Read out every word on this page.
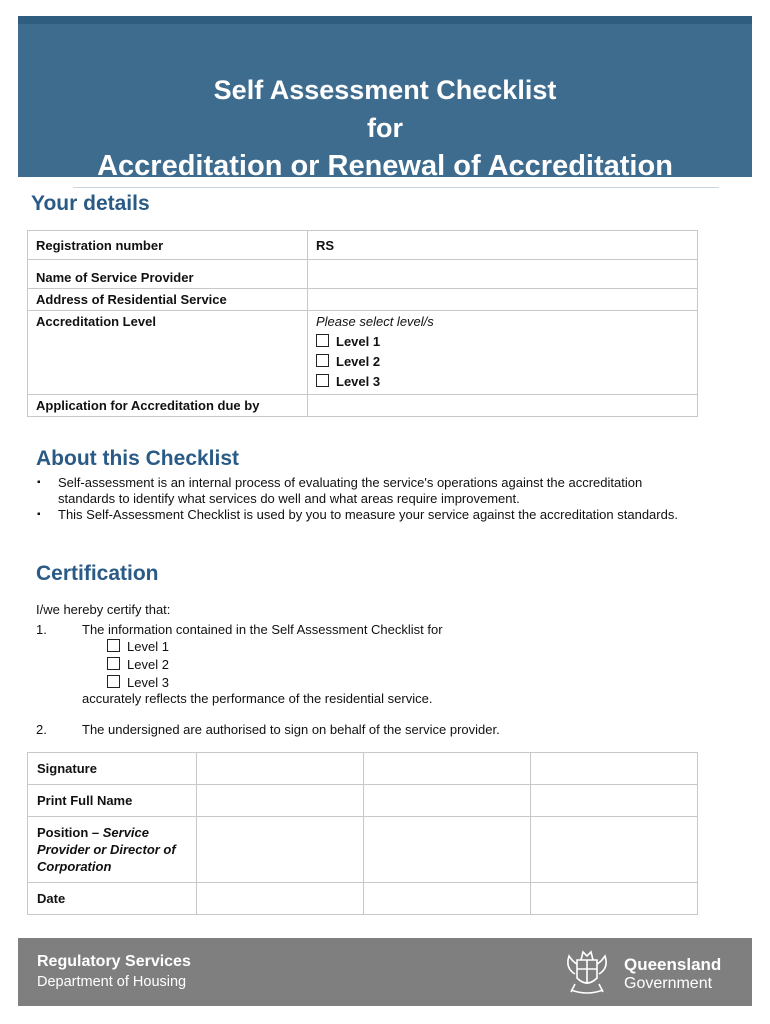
Self Assessment Checklist
for
Accreditation or Renewal of Accreditation
Your details
Registration number	RS
Name of Service Provider	
Address of Residential Service	
Accreditation Level	Please select level/s
Level 1
Level 2
Level 3

Application for Accreditation due by	
About this Checklist
▪ Self-assessment is an internal process of evaluating the service's operations against the accreditation standards to identify what services do well and what areas require improvement.
▪ This Self-Assessment Checklist is used by you to measure your service against the accreditation standards.
Certification
I/we hereby certify that:
1.	The information contained in the Self Assessment Checklist for
Level 1
Level 2
Level 3
accurately reflects the performance of the residential service.
2.	The undersigned are authorised to sign on behalf of the service provider.
Signature			
Print Full Name			
Position – Service Provider or Director of Corporation			
Date			
Regulatory Services
Department of Housing
Queensland
Government
